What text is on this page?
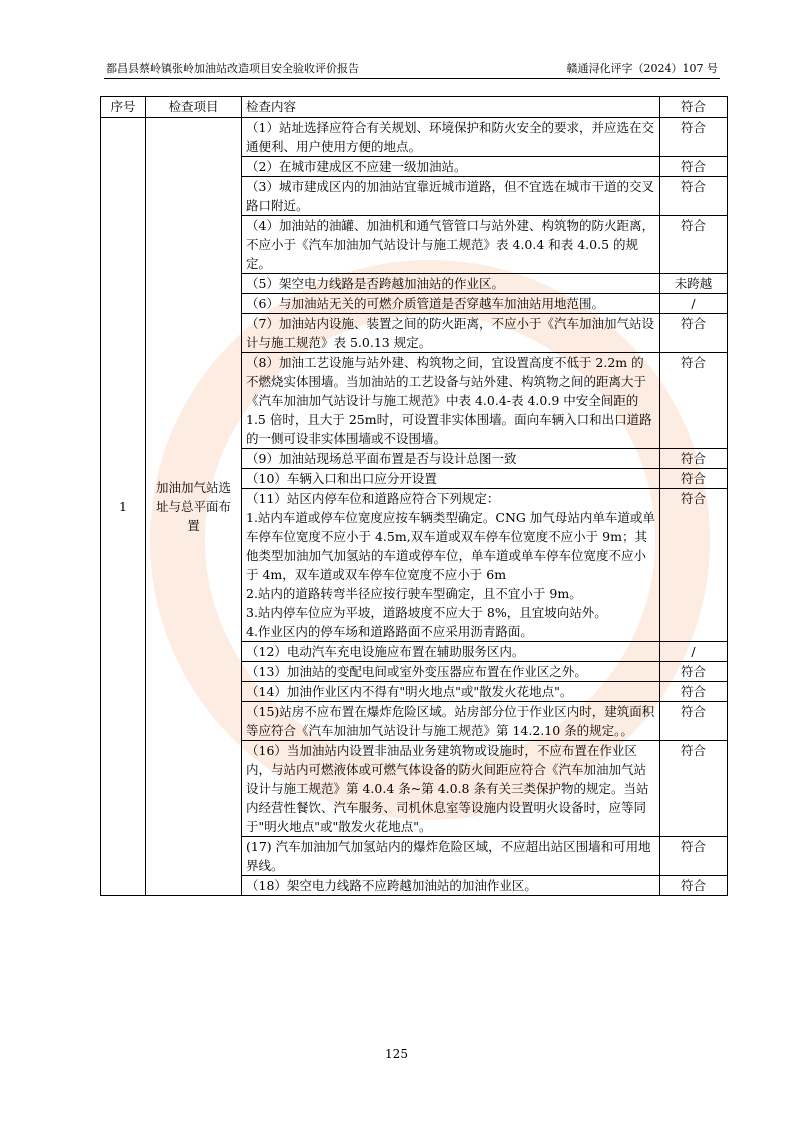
都昌县蔡岭镇张岭加油站改造项目安全验收评价报告	赣通浔化评字（2024）107 号
序号	检查项目	检查内容	符合
1	加油加气站选址与总平面布置	（1）站址选择应符合有关规划、环境保护和防火安全的要求，并应选在交通便利、用户使用方便的地点。	符合
		（2）在城市建成区不应建一级加油站。	符合
		（3）城市建成区内的加油站宜靠近城市道路，但不宜选在城市干道的交叉路口附近。	符合
		（4）加油站的油罐、加油机和通气管管口与站外建、构筑物的防火距离，不应小于《汽车加油加气站设计与施工规范》表 4.0.4 和表 4.0.5 的规定。	符合
		（5）架空电力线路是否跨越加油站的作业区。	未跨越
		（6）与加油站无关的可燃介质管道是否穿越车加油站用地范围。	/
		（7）加油站内设施、装置之间的防火距离，不应小于《汽车加油加气站设计与施工规范》表 5.0.13 规定。	符合
		（8）加油工艺设施与站外建、构筑物之间，宜设置高度不低于 2.2m 的不燃烧实体围墙。当加油站的工艺设备与站外建、构筑物之间的距离大于《汽车加油加气站设计与施工规范》中表 4.0.4-表 4.0.9 中安全间距的 1.5 倍时，且大于 25m时，可设置非实体围墙。面向车辆入口和出口道路的一侧可设非实体围墙或不设围墙。	符合
		（9）加油站现场总平面布置是否与设计总图一致	符合
		（10）车辆入口和出口应分开设置	符合
		（11）站区内停车位和道路应符合下列规定：
1.站内车道或停车位宽度应按车辆类型确定。CNG 加气母站内单车道或单车停车位宽度不应小于 4.5m,双车道或双车停车位宽度不应小于 9m；其他类型加油加气加氢站的车道或停车位，单车道或单车停车位宽度不应小于 4m，双车道或双车停车位宽度不应小于 6m
2.站内的道路转弯半径应按行驶车型确定，且不宜小于 9m。
3.站内停车位应为平坡，道路坡度不应大于 8%，且宜坡向站外。
4.作业区内的停车场和道路路面不应采用沥青路面。	符合
		（12）电动汽车充电设施应布置在辅助服务区内。	/
		（13）加油站的变配电间或室外变压器应布置在作业区之外。	符合
		（14）加油作业区内不得有"明火地点"或"散发火花地点"。	符合
		（15)站房不应布置在爆炸危险区域。站房部分位于作业区内时，建筑面积等应符合《汽车加油加气站设计与施工规范》第 14.2.10 条的规定。。	符合
		（16）当加油站内设置非油品业务建筑物或设施时，不应布置在作业区内，与站内可燃液体或可燃气体设备的防火间距应符合《汽车加油加气站设计与施工规范》第 4.0.4 条~第 4.0.8 条有关三类保护物的规定。当站内经营性餐饮、汽车服务、司机休息室等设施内设置明火设备时，应等同于"明火地点"或"散发火花地点"。	符合
		(17) 汽车加油加气加氢站内的爆炸危险区域，不应超出站区围墙和可用地界线。	符合
		（18）架空电力线路不应跨越加油站的加油作业区。	符合
125
